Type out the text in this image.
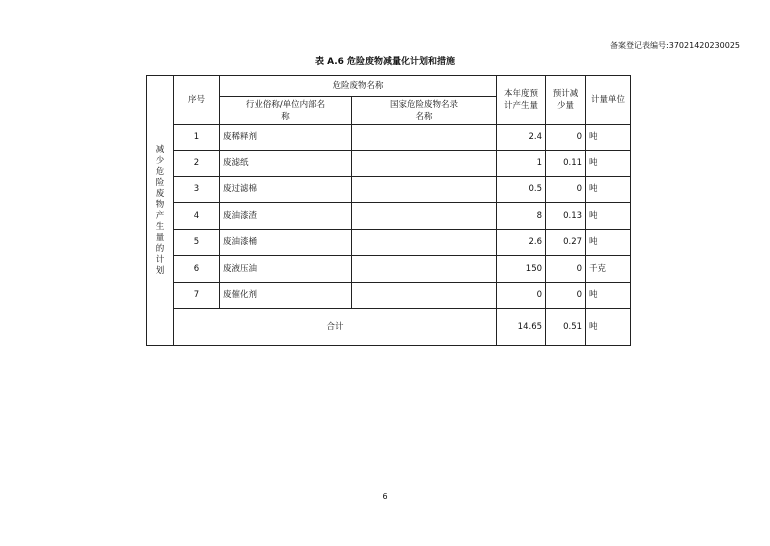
备案登记表编号:37021420230025
表 A.6 危险废物减量化计划和措施
减少危险废物产生量的计划	序号	危险废物名称		本年度预计产生量	预计减少量	计量单位

		行业俗称/单位内部名称	国家危险废物名录名称			

	1	废稀释剂		2.4	0	吨
	2	废滤纸		1	0.11	吨
	3	废过滤棉		0.5	0	吨
	4	废油漆渣		8	0.13	吨
	5	废油漆桶		2.6	0.27	吨
	6	废液压油		150	0	千克
	7	废催化剂		0	0	吨
	合计			14.65	0.51	吨
6
